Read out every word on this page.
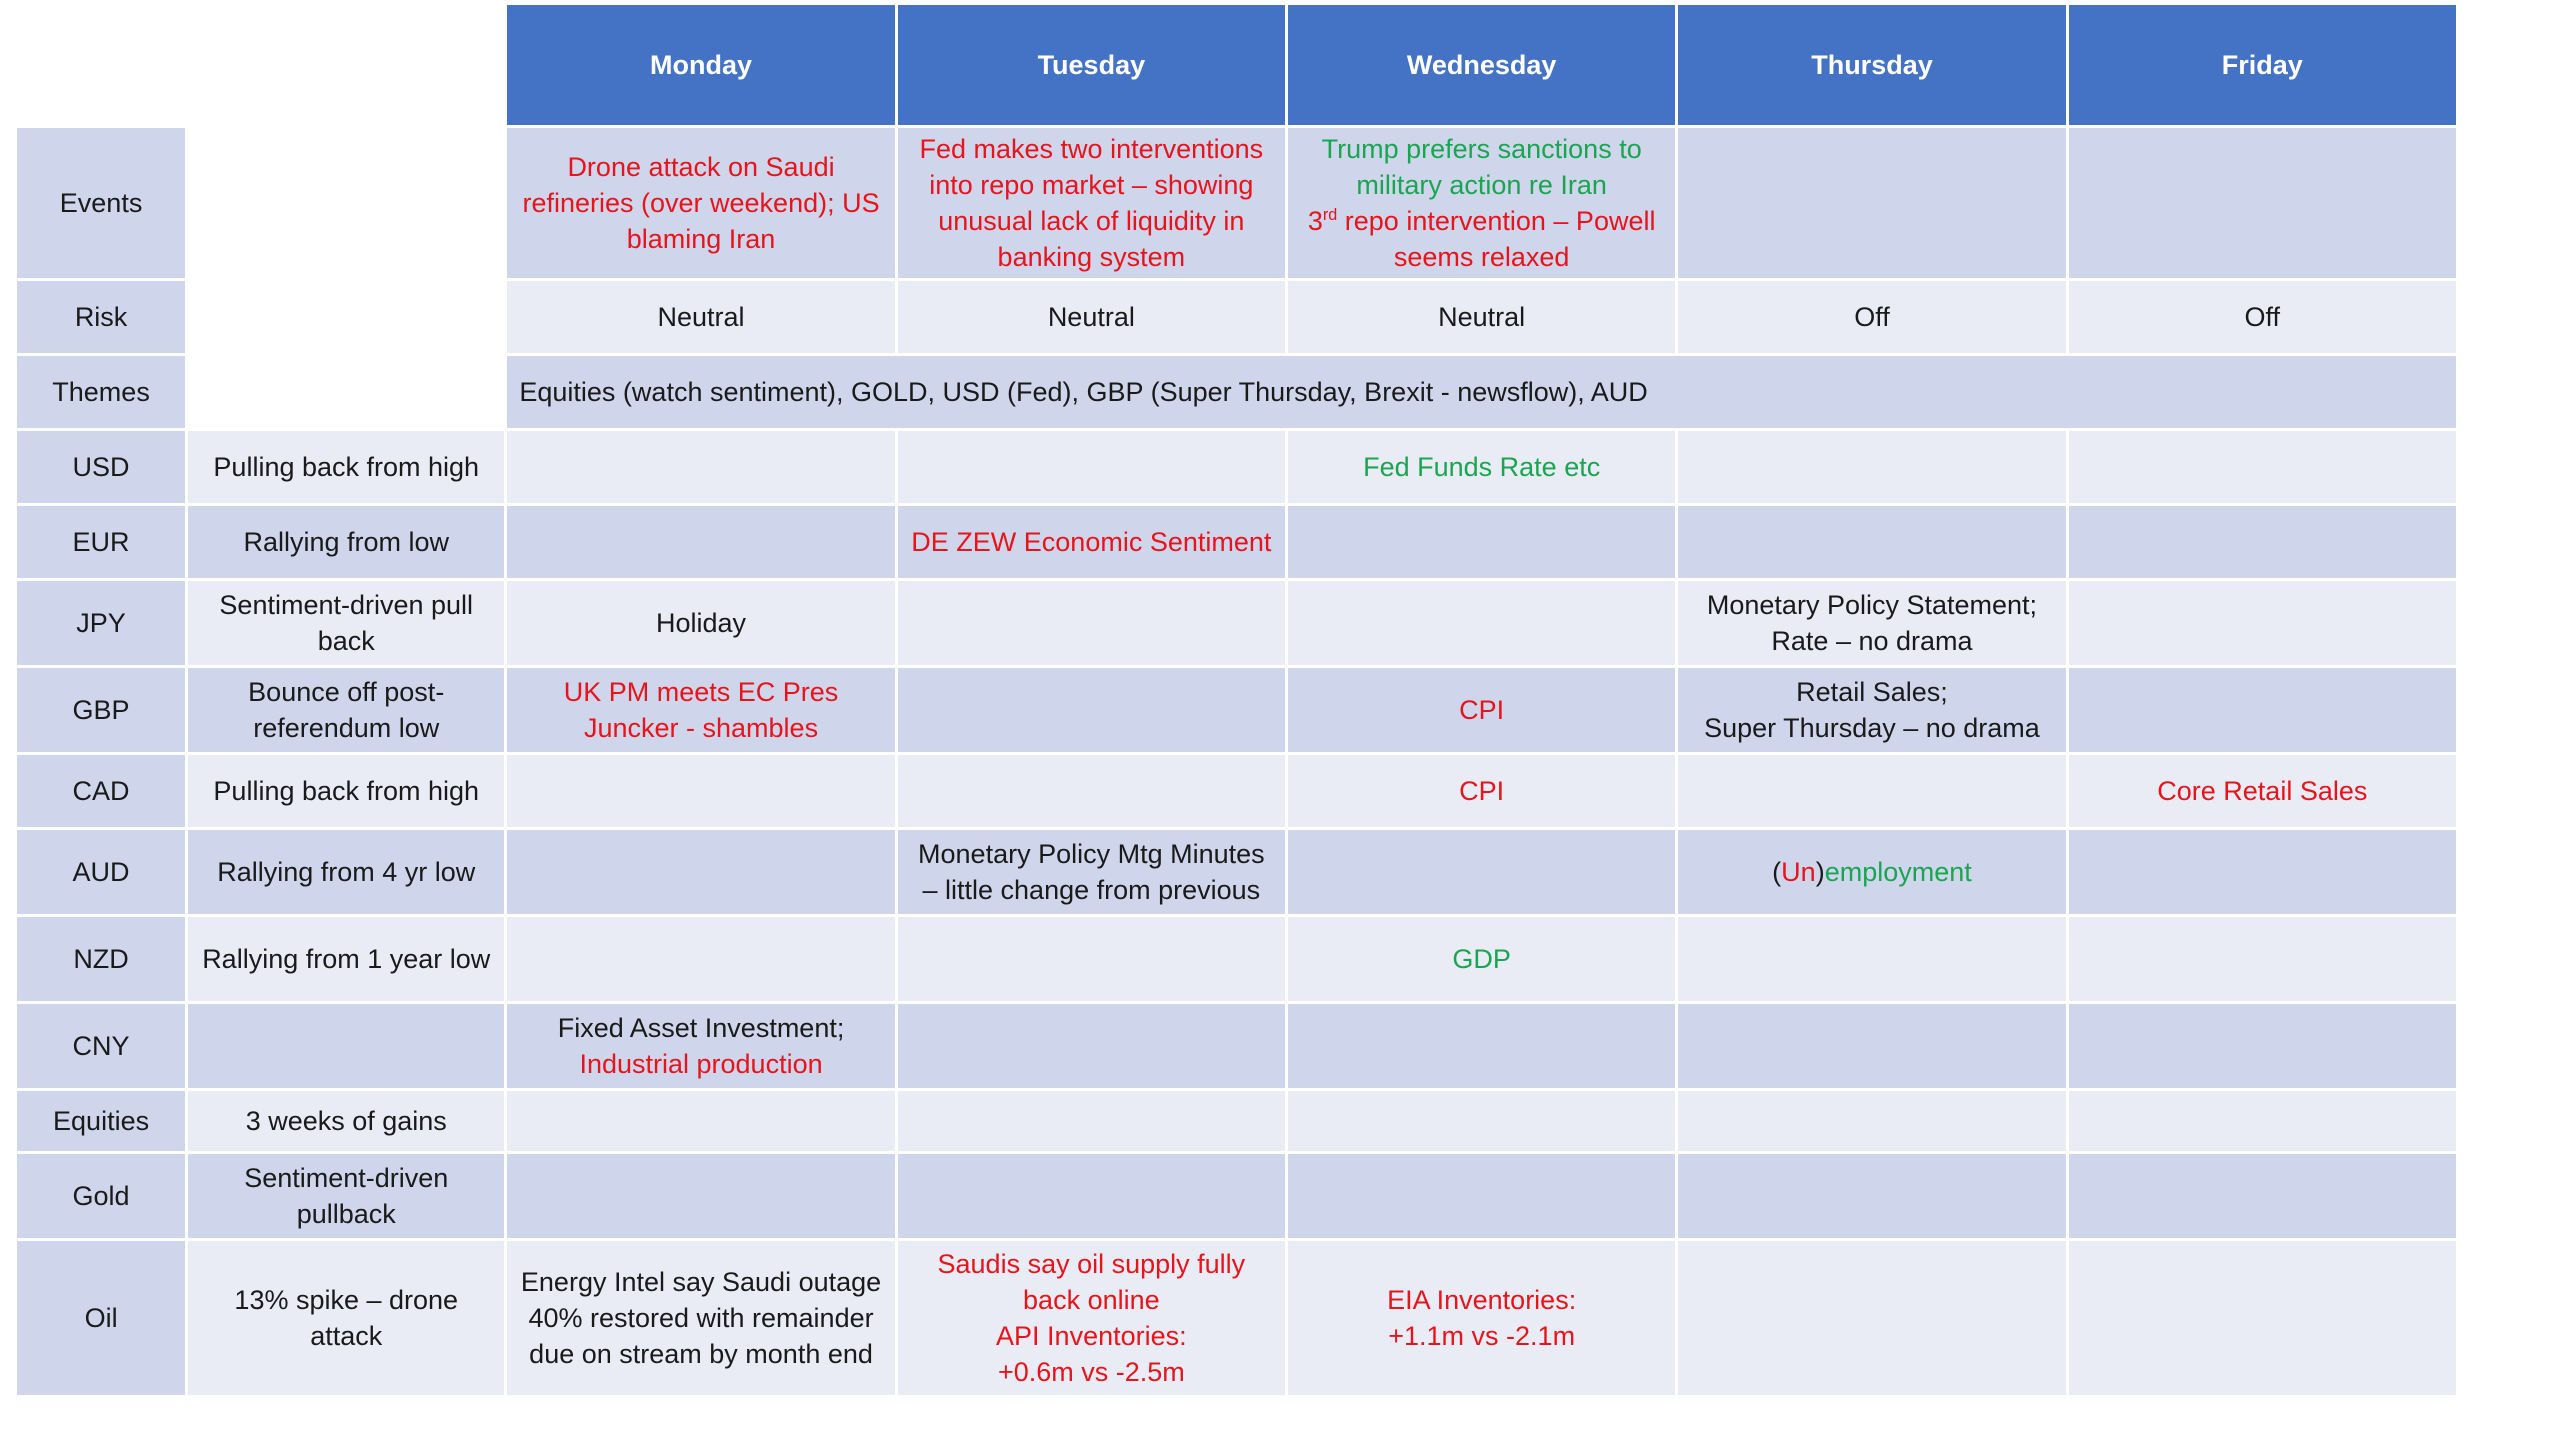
		Monday	Tuesday	Wednesday	Thursday	Friday
Events		Drone attack on Saudi refineries (over weekend); US blaming Iran	Fed makes two interventions into repo market – showing unusual lack of liquidity in banking system	Trump prefers sanctions to military action re Iran
3rd repo intervention – Powell seems relaxed		
Risk		Neutral	Neutral	Neutral	Off	Off
Themes		Equities (watch sentiment), GOLD, USD (Fed), GBP (Super Thursday, Brexit - newsflow), AUD				
USD	Pulling back from high			Fed Funds Rate etc		
EUR	Rallying from low		DE ZEW Economic Sentiment			
JPY	Sentiment-driven pull back	Holiday			Monetary Policy Statement; Rate – no drama	
GBP	Bounce off post-referendum low	UK PM meets EC Pres Juncker - shambles		CPI	Retail Sales;
Super Thursday – no drama	
CAD	Pulling back from high			CPI		Core Retail Sales
AUD	Rallying from 4 yr low		Monetary Policy Mtg Minutes – little change from previous		(Un)employment	
NZD	Rallying from 1 year low			GDP		
CNY		Fixed Asset Investment;
Industrial production				
Equities	3 weeks of gains					
Gold	Sentiment-driven pullback					
Oil	13% spike – drone attack	Energy Intel say Saudi outage 40% restored with remainder due on stream by month end	Saudis say oil supply fully back online
API Inventories:
+0.6m vs -2.5m	EIA Inventories:
+1.1m vs -2.1m		
